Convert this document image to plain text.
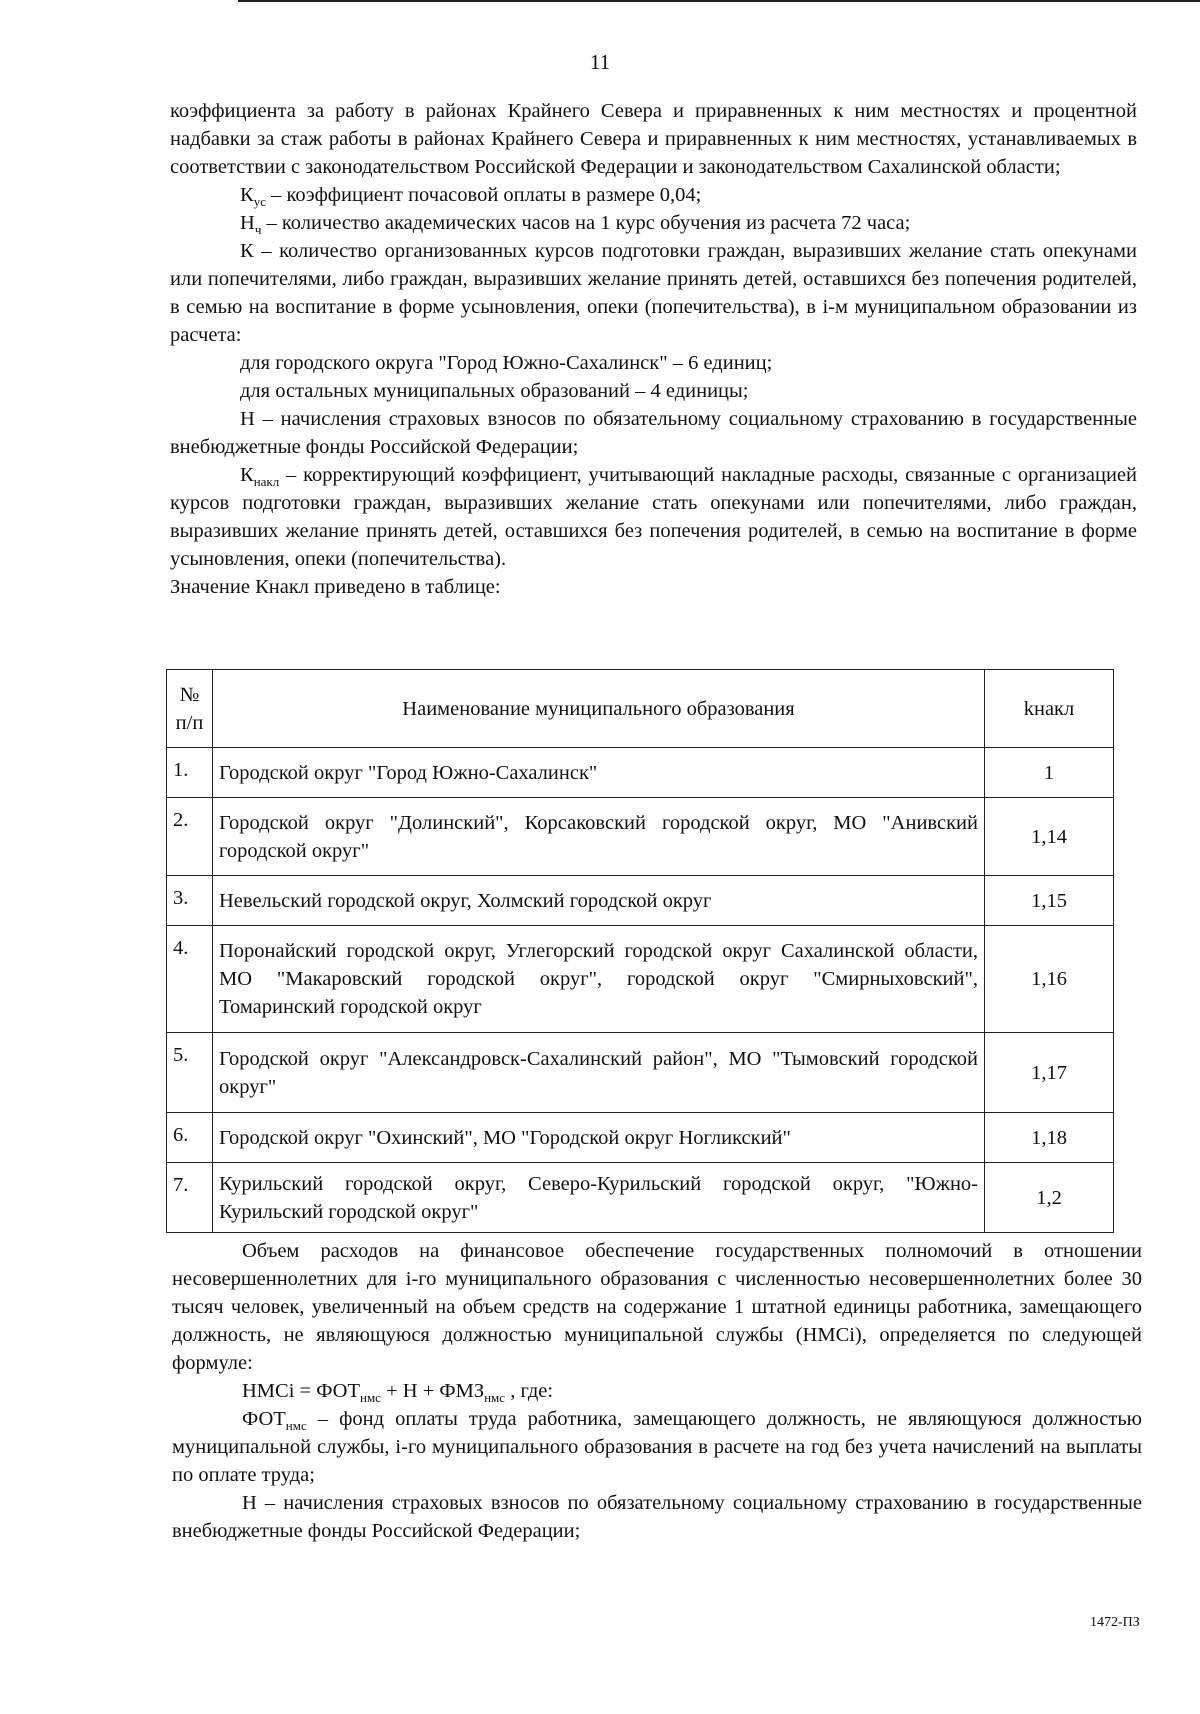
11

коэффициента за работу в районах Крайнего Севера и приравненных к ним местностях и процентной надбавки за стаж работы в районах Крайнего Севера и приравненных к ним местностях, устанавливаемых в соответствии с законодательством Российской Федерации и законодательством Сахалинской области;

$К_{ус}$ – коэффициент почасовой оплаты в размере 0,04;

$Н_ч$ – количество академических часов на 1 курс обучения из расчета 72 часа;

К – количество организованных курсов подготовки граждан, выразивших желание стать опекунами или попечителями, либо граждан, выразивших желание принять детей, оставшихся без попечения родителей, в семью на воспитание в форме усыновления, опеки (попечительства), в i-м муниципальном образовании из расчета:

для городского округа "Город Южно-Сахалинск" – 6 единиц;

для остальных муниципальных образований – 4 единицы;

Н – начисления страховых взносов по обязательному социальному страхованию в государственные внебюджетные фонды Российской Федерации;

$К_{накл}$ – корректирующий коэффициент, учитывающий накладные расходы, связанные с организацией курсов подготовки граждан, выразивших желание стать опекунами или попечителями, либо граждан, выразивших желание принять детей, оставшихся без попечения родителей, в семью на воспитание в форме усыновления, опеки (попечительства).

Значение Кнакл приведено в таблице:

№ п/п	Наименование муниципального образования	kнакл
1.	Городской округ "Город Южно-Сахалинск"	1
2.	Городской округ "Долинский", Корсаковский городской округ, МО "Анивский городской округ"	1,14
3.	Невельский городской округ, Холмский городской округ	1,15
4.	Поронайский городской округ, Углегорский городской округ Сахалинской области, МО "Макаровский городской округ", городской округ "Смирныховский", Томаринский городской округ	1,16
5.	Городской округ "Александровск-Сахалинский район", МО "Тымовский городской округ"	1,17
6.	Городской округ "Охинский", МО "Городской округ Ногликский"	1,18
7.	Курильский городской округ, Северо-Курильский городской округ, "Южно-Курильский городской округ"	1,2

Объем расходов на финансовое обеспечение государственных полномочий в отношении несовершеннолетних для i-го муниципального образования с численностью несовершеннолетних более 30 тысяч человек, увеличенный на объем средств на содержание 1 штатной единицы работника, замещающего должность, не являющуюся должностью муниципальной службы (НМСi), определяется по следующей формуле:

НМСi = $ФОТ_{нмс} + Н + ФМЗ_{нмс}$ , где:

$ФОТ_{нмс}$ – фонд оплаты труда работника, замещающего должность, не являющуюся должностью муниципальной службы, i-го муниципального образования в расчете на год без учета начислений на выплаты по оплате труда;

Н – начисления страховых взносов по обязательному социальному страхованию в государственные внебюджетные фонды Российской Федерации;

1472-ПЗ
